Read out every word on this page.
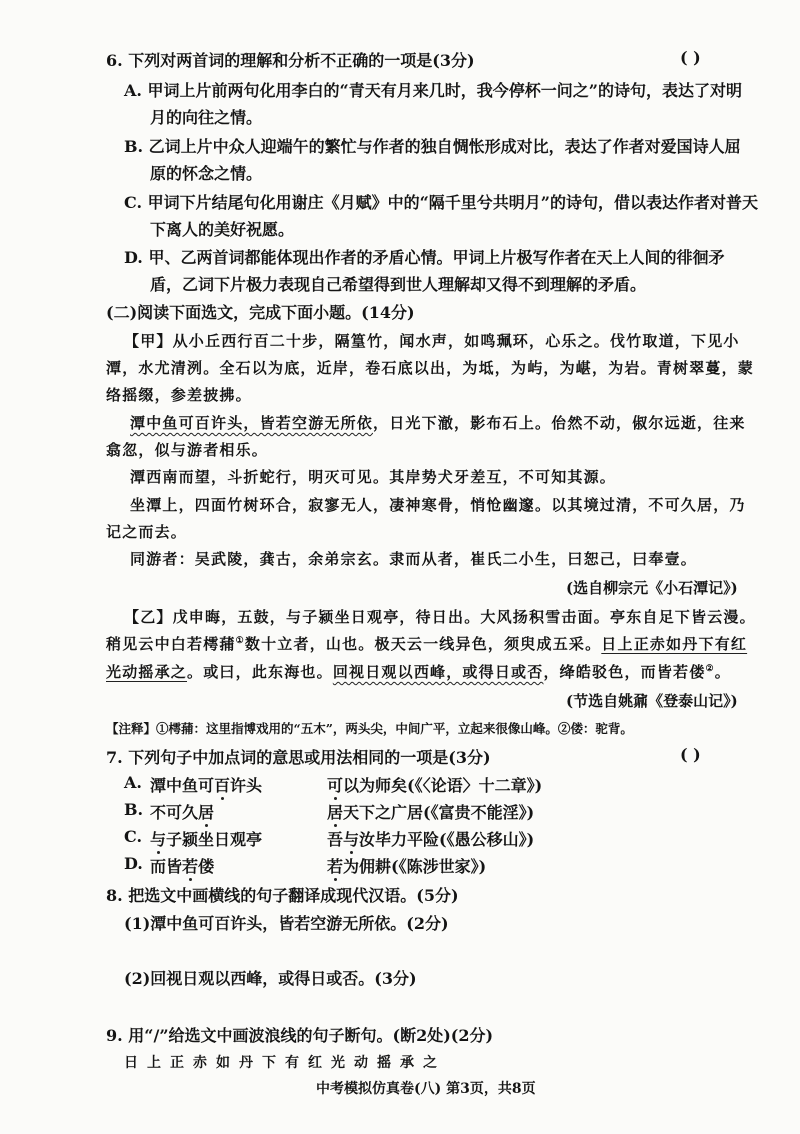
6. 下列对两首词的理解和分析不正确的一项是(3分)	( )
A. 甲词上片前两句化用李白的“青天有月来几时，我今停杯一问之”的诗句，表达了对明
月的向往之情。
B. 乙词上片中众人迎端午的繁忙与作者的独自惆怅形成对比，表达了作者对爱国诗人屈
原的怀念之情。
C. 甲词下片结尾句化用谢庄《月赋》中的“隔千里兮共明月”的诗句，借以表达作者对普天
下离人的美好祝愿。
D. 甲、乙两首词都能体现出作者的矛盾心情。甲词上片极写作者在天上人间的徘徊矛
盾，乙词下片极力表现自己希望得到世人理解却又得不到理解的矛盾。
(二)阅读下面选文，完成下面小题。(14分)
【甲】从小丘西行百二十步，隔篁竹，闻水声，如鸣珮环，心乐之。伐竹取道，下见小
潭，水尤清洌。全石以为底，近岸，卷石底以出，为坻，为屿，为嵁，为岩。青树翠蔓，蒙
络摇缀，参差披拂。
潭中鱼可百许头，皆若空游无所依，日光下澈，影布石上。佁然不动，俶尔远逝，往来
翕忽，似与游者相乐。
潭西南而望，斗折蛇行，明灭可见。其岸势犬牙差互，不可知其源。
坐潭上，四面竹树环合，寂寥无人，凄神寒骨，悄怆幽邃。以其境过清，不可久居，乃
记之而去。
同游者：吴武陵，龚古，余弟宗玄。隶而从者，崔氏二小生，曰恕己，曰奉壹。
(选自柳宗元《小石潭记》)
【乙】戊申晦，五鼓，与子颍坐日观亭，待日出。大风扬积雪击面。亭东自足下皆云漫。
稍见云中白若樗蒱①数十立者，山也。极天云一线异色，须臾成五采。日上正赤如丹下有红
光动摇承之。或曰，此东海也。回视日观以西峰，或得日或否，绛皓驳色，而皆若偻②。
(节选自姚鼐《登泰山记》)
【注释】①樗蒱：这里指博戏用的“五木”，两头尖，中间广平，立起来很像山峰。②偻：驼背。
7. 下列句子中加点词的意思或用法相同的一项是(3分)	( )
A. 潭中鱼可百许头	可以为师矣(《〈论语〉十二章》)
B. 不可久居	居天下之广居(《富贵不能淫》)
C. 与子颍坐日观亭	吾与汝毕力平险(《愚公移山》)
D. 而皆若偻	若为佣耕(《陈涉世家》)
8. 把选文中画横线的句子翻译成现代汉语。(5分)
(1)潭中鱼可百许头，皆若空游无所依。(2分)
(2)回视日观以西峰，或得日或否。(3分)
9. 用“/”给选文中画波浪线的句子断句。(断2处)(2分)
日上正赤如丹下有红光动摇承之
中考模拟仿真卷(八) 第3页，共8页
